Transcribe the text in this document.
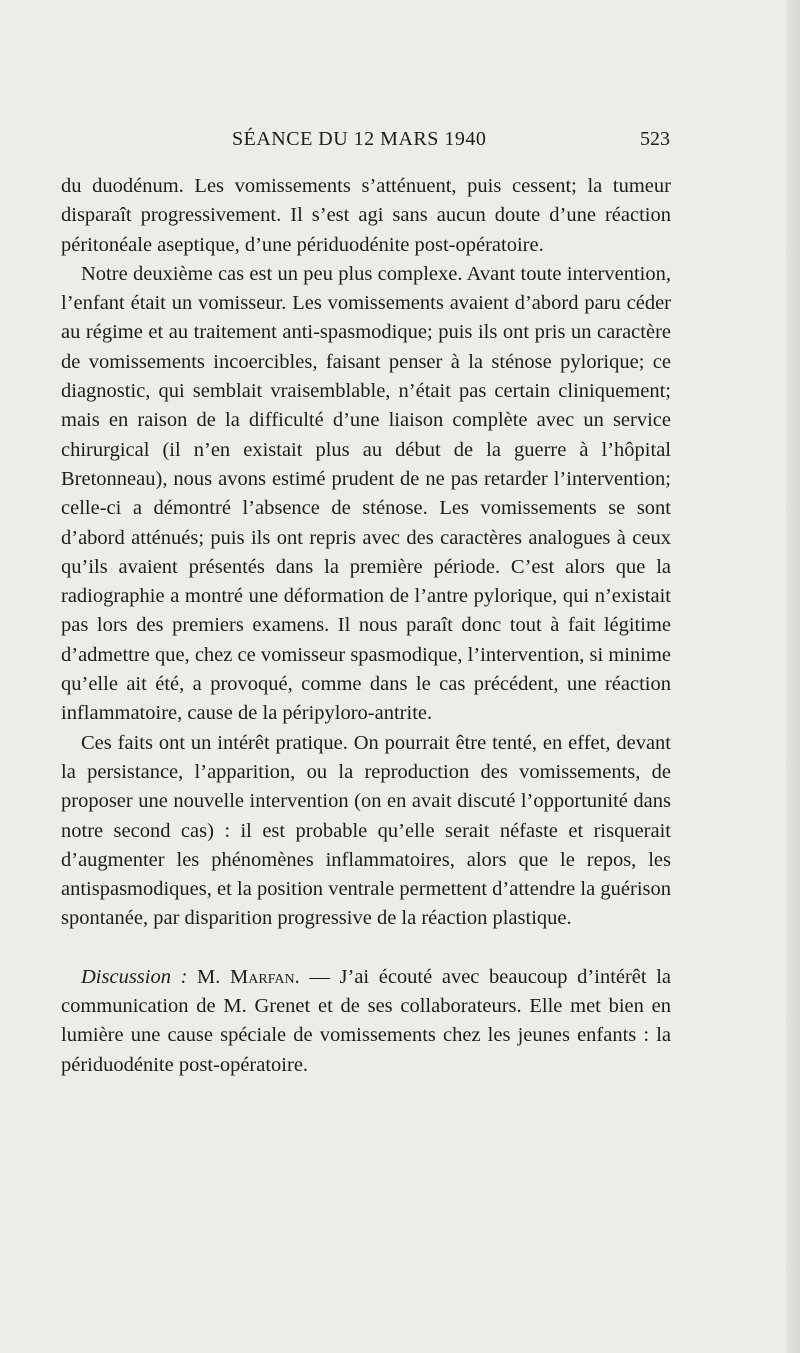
SÉANCE DU 12 MARS 1940	523

du duodénum. Les vomissements s’atténuent, puis cessent; la tumeur disparaît progressivement. Il s’est agi sans aucun doute d’une réaction péritonéale aseptique, d’une périduodénite post-opératoire.

Notre deuxième cas est un peu plus complexe. Avant toute intervention, l’enfant était un vomisseur. Les vomissements avaient d’abord paru céder au régime et au traitement anti-spasmodique; puis ils ont pris un caractère de vomissements incoercibles, faisant penser à la sténose pylorique; ce diagnostic, qui semblait vraisemblable, n’était pas certain cliniquement; mais en raison de la difficulté d’une liaison complète avec un service chirurgical (il n’en existait plus au début de la guerre à l’hôpital Bretonneau), nous avons estimé prudent de ne pas retarder l’intervention; celle-ci a démontré l’absence de sténose. Les vomissements se sont d’abord atténués; puis ils ont repris avec des caractères analogues à ceux qu’ils avaient présentés dans la première période. C’est alors que la radiographie a montré une déformation de l’antre pylorique, qui n’existait pas lors des premiers examens. Il nous paraît donc tout à fait légitime d’admettre que, chez ce vomisseur spasmodique, l’intervention, si minime qu’elle ait été, a provoqué, comme dans le cas précédent, une réaction inflammatoire, cause de la péripyloro-antrite.

Ces faits ont un intérêt pratique. On pourrait être tenté, en effet, devant la persistance, l’apparition, ou la reproduction des vomissements, de proposer une nouvelle intervention (on en avait discuté l’opportunité dans notre second cas) : il est probable qu’elle serait néfaste et risquerait d’augmenter les phénomènes inflammatoires, alors que le repos, les antispasmodiques, et la position ventrale permettent d’attendre la guérison spontanée, par disparition progressive de la réaction plastique.

Discussion : M. Marfan. — J’ai écouté avec beaucoup d’intérêt la communication de M. Grenet et de ses collaborateurs. Elle met bien en lumière une cause spéciale de vomissements chez les jeunes enfants : la périduodénite post-opératoire.
